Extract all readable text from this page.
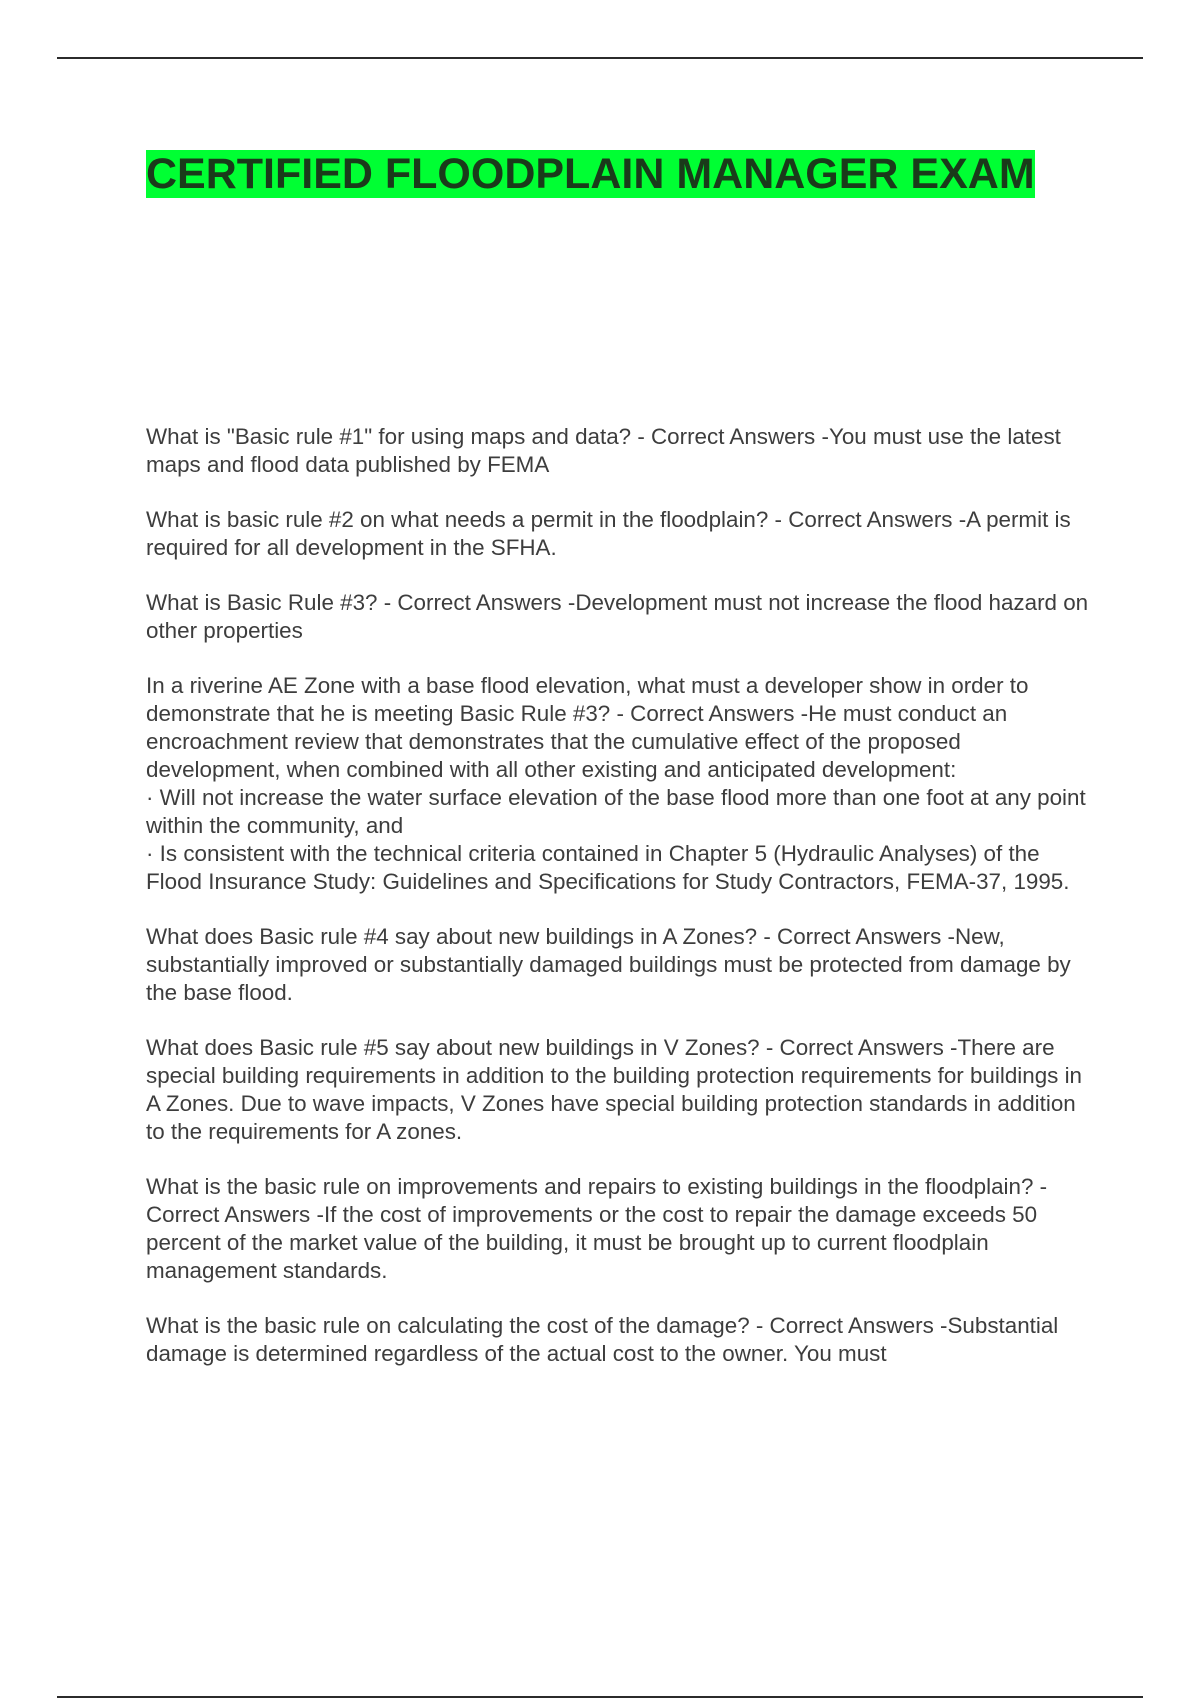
CERTIFIED FLOODPLAIN MANAGER EXAM

What is "Basic rule #1" for using maps and data? - Correct Answers -You must use the latest maps and flood data published by FEMA

What is basic rule #2 on what needs a permit in the floodplain? - Correct Answers -A permit is required for all development in the SFHA.

What is Basic Rule #3? - Correct Answers -Development must not increase the flood hazard on other properties

In a riverine AE Zone with a base flood elevation, what must a developer show in order to demonstrate that he is meeting Basic Rule #3? - Correct Answers -He must conduct an encroachment review that demonstrates that the cumulative effect of the proposed development, when combined with all other existing and anticipated development:
· Will not increase the water surface elevation of the base flood more than one foot at any point within the community, and
· Is consistent with the technical criteria contained in Chapter 5 (Hydraulic Analyses) of the Flood Insurance Study: Guidelines and Specifications for Study Contractors, FEMA-37, 1995.

What does Basic rule #4 say about new buildings in A Zones? - Correct Answers -New, substantially improved or substantially damaged buildings must be protected from damage by the base flood.

What does Basic rule #5 say about new buildings in V Zones? - Correct Answers -There are special building requirements in addition to the building protection requirements for buildings in A Zones. Due to wave impacts, V Zones have special building protection standards in addition to the requirements for A zones.

What is the basic rule on improvements and repairs to existing buildings in the floodplain? - Correct Answers -If the cost of improvements or the cost to repair the damage exceeds 50 percent of the market value of the building, it must be brought up to current floodplain management standards.

What is the basic rule on calculating the cost of the damage? - Correct Answers -Substantial damage is determined regardless of the actual cost to the owner. You must
